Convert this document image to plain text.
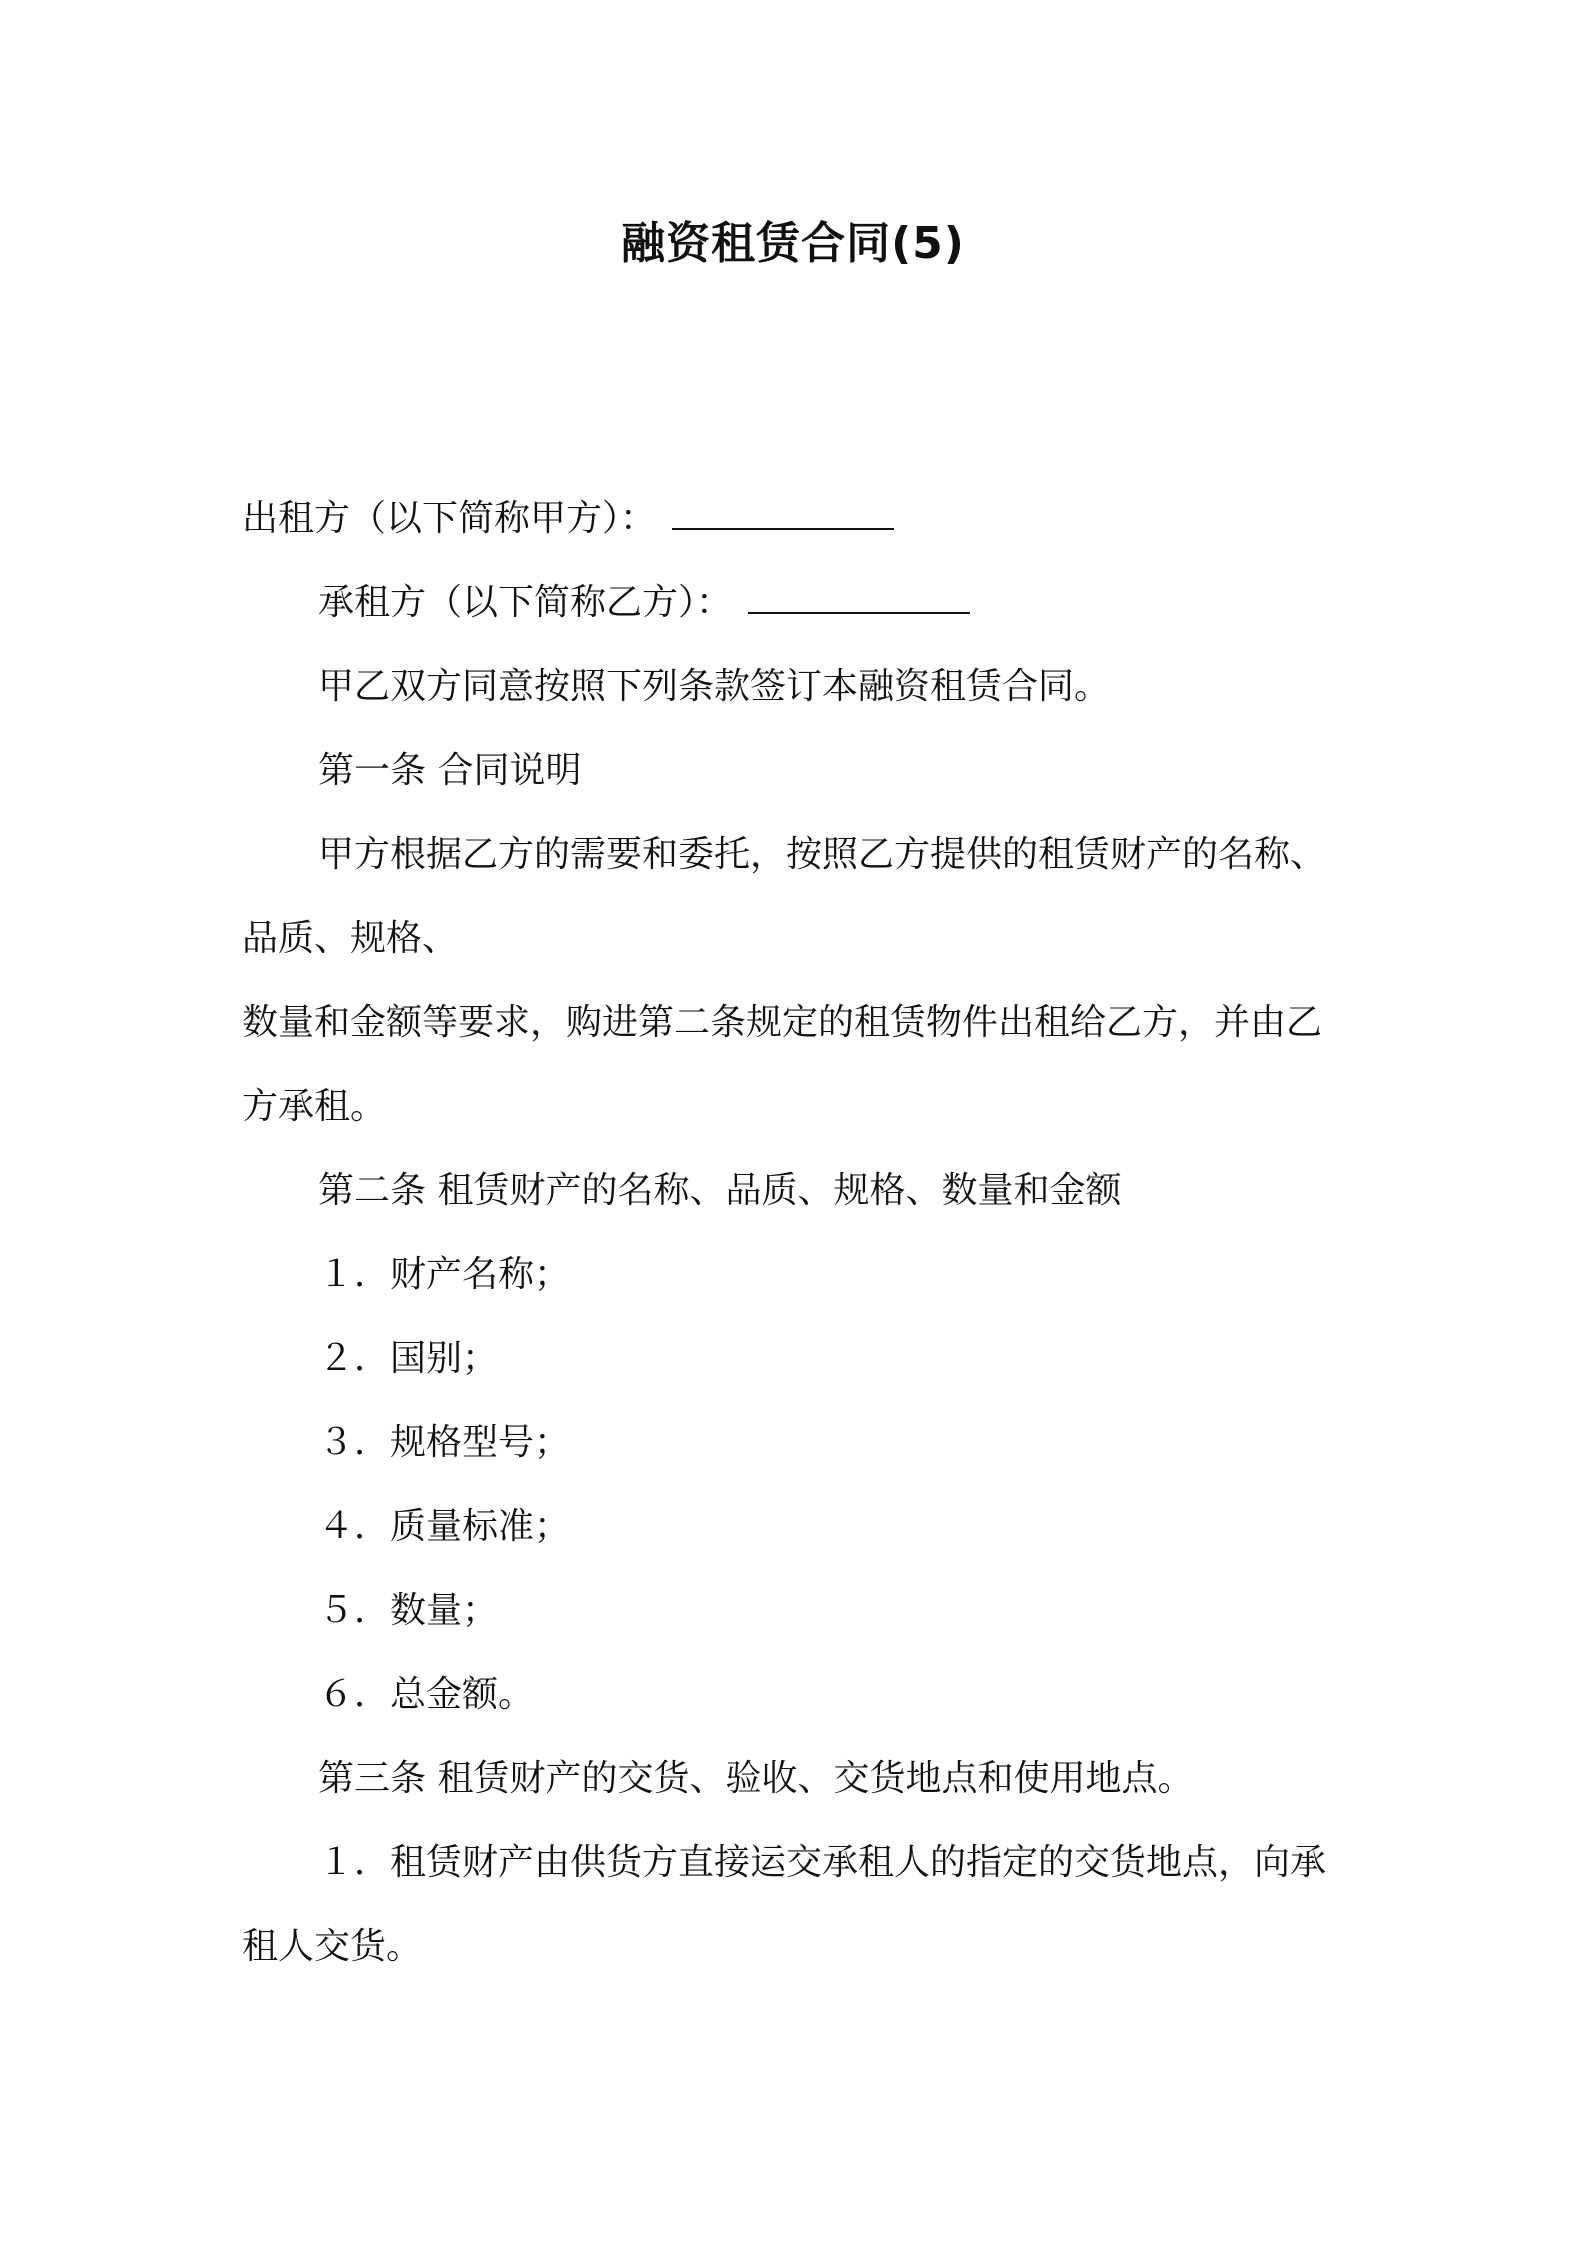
融资租赁合同(5)
出租方（以下简称甲方）：
承租方（以下简称乙方）：
甲乙双方同意按照下列条款签订本融资租赁合同。
第一条 合同说明
甲方根据乙方的需要和委托，按照乙方提供的租赁财产的名称、
品质、规格、
数量和金额等要求，购进第二条规定的租赁物件出租给乙方，并由乙
方承租。
第二条 租赁财产的名称、品质、规格、数量和金额
１．财产名称；
２．国别；
３．规格型号；
４．质量标准；
５．数量；
６．总金额。
第三条 租赁财产的交货、验收、交货地点和使用地点。
１．租赁财产由供货方直接运交承租人的指定的交货地点，向承
租人交货。
